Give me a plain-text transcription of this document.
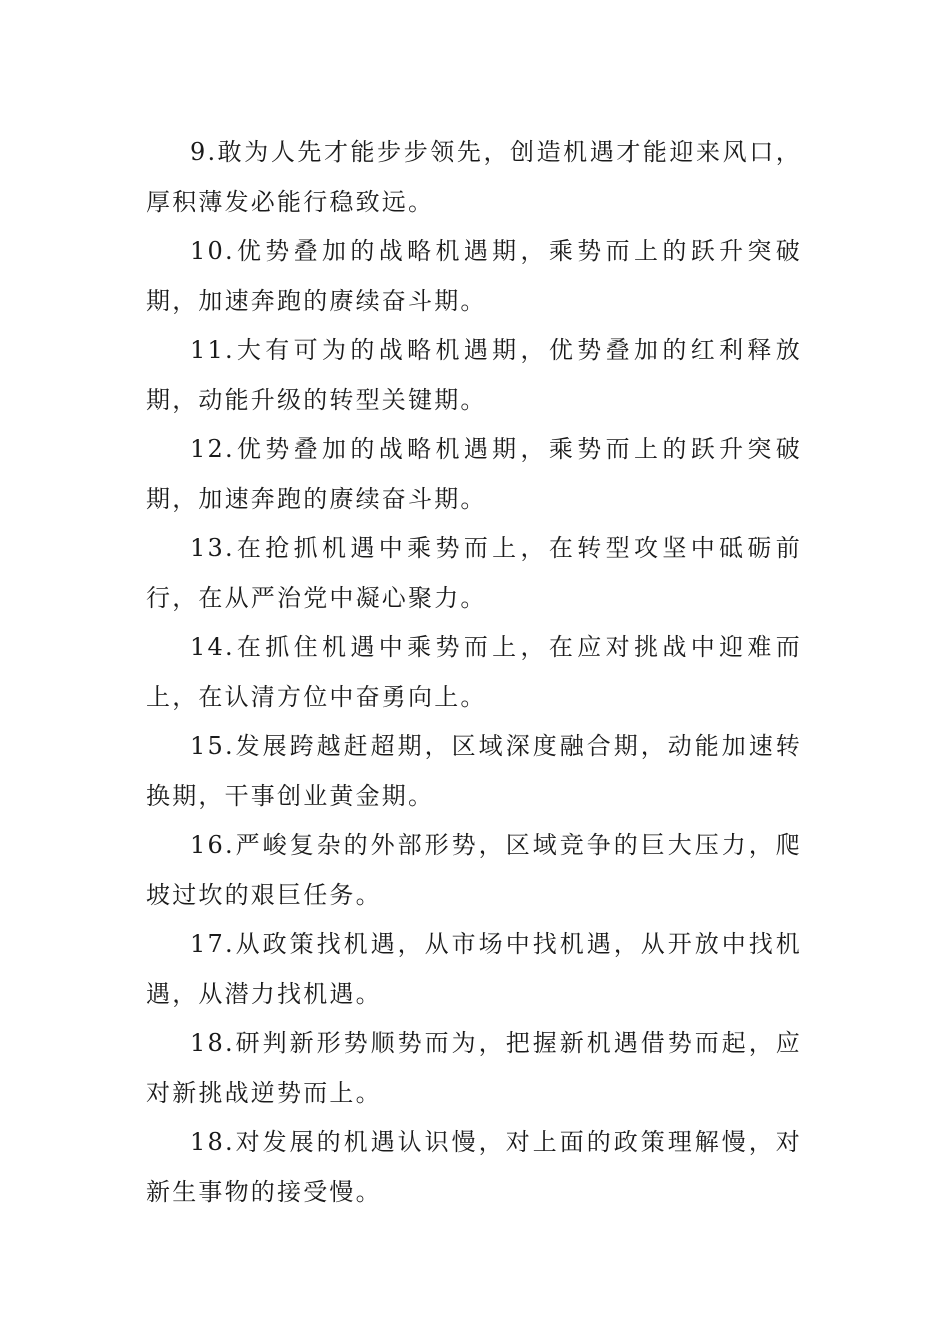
9.敢为人先才能步步领先，创造机遇才能迎来风口，厚积薄发必能行稳致远。

10.优势叠加的战略机遇期，乘势而上的跃升突破期，加速奔跑的赓续奋斗期。

11.大有可为的战略机遇期，优势叠加的红利释放期，动能升级的转型关键期。

12.优势叠加的战略机遇期，乘势而上的跃升突破期，加速奔跑的赓续奋斗期。

13.在抢抓机遇中乘势而上，在转型攻坚中砥砺前行，在从严治党中凝心聚力。

14.在抓住机遇中乘势而上，在应对挑战中迎难而上，在认清方位中奋勇向上。

15.发展跨越赶超期，区域深度融合期，动能加速转换期，干事创业黄金期。

16.严峻复杂的外部形势，区域竞争的巨大压力，爬坡过坎的艰巨任务。

17.从政策找机遇，从市场中找机遇，从开放中找机遇，从潜力找机遇。

18.研判新形势顺势而为，把握新机遇借势而起，应对新挑战逆势而上。

18.对发展的机遇认识慢，对上面的政策理解慢，对新生事物的接受慢。
